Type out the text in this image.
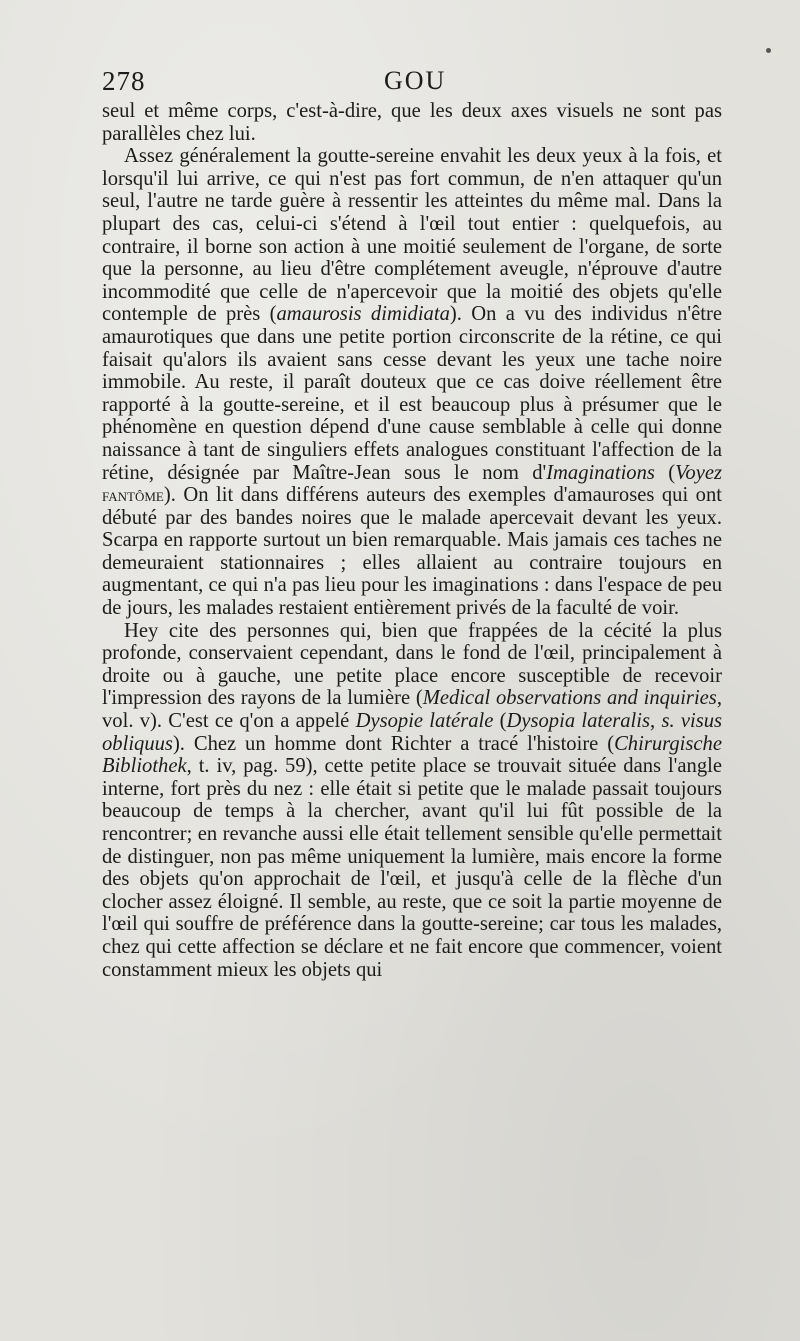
278	GOU

seul et même corps, c'est-à-dire, que les deux axes visuels ne sont pas parallèles chez lui.

Assez généralement la goutte-sereine envahit les deux yeux à la fois, et lorsqu'il lui arrive, ce qui n'est pas fort commun, de n'en attaquer qu'un seul, l'autre ne tarde guère à ressentir les atteintes du même mal. Dans la plupart des cas, celui-ci s'étend à l'œil tout entier : quelquefois, au contraire, il borne son action à une moitié seulement de l'organe, de sorte que la personne, au lieu d'être complétement aveugle, n'éprouve d'autre incommodité que celle de n'apercevoir que la moitié des objets qu'elle contemple de près (amaurosis dimidiata). On a vu des individus n'être amaurotiques que dans une petite portion circonscrite de la rétine, ce qui faisait qu'alors ils avaient sans cesse devant les yeux une tache noire immobile. Au reste, il paraît douteux que ce cas doive réellement être rapporté à la goutte-sereine, et il est beaucoup plus à présumer que le phénomène en question dépend d'une cause semblable à celle qui donne naissance à tant de singuliers effets analogues constituant l'affection de la rétine, désignée par Maître-Jean sous le nom d'Imaginations (Voyez fantôme). On lit dans différens auteurs des exemples d'amauroses qui ont débuté par des bandes noires que le malade apercevait devant les yeux. Scarpa en rapporte surtout un bien remarquable. Mais jamais ces taches ne demeuraient stationnaires ; elles allaient au contraire toujours en augmentant, ce qui n'a pas lieu pour les imaginations : dans l'espace de peu de jours, les malades restaient entièrement privés de la faculté de voir.

Hey cite des personnes qui, bien que frappées de la cécité la plus profonde, conservaient cependant, dans le fond de l'œil, principalement à droite ou à gauche, une petite place encore susceptible de recevoir l'impression des rayons de la lumière (Medical observations and inquiries, vol. v). C'est ce q'on a appelé Dysopie latérale (Dysopia lateralis, s. visus obliquus). Chez un homme dont Richter a tracé l'histoire (Chirurgische Bibliothek, t. iv, pag. 59), cette petite place se trouvait située dans l'angle interne, fort près du nez : elle était si petite que le malade passait toujours beaucoup de temps à la chercher, avant qu'il lui fût possible de la rencontrer; en revanche aussi elle était tellement sensible qu'elle permettait de distinguer, non pas même uniquement la lumière, mais encore la forme des objets qu'on approchait de l'œil, et jusqu'à celle de la flèche d'un clocher assez éloigné. Il semble, au reste, que ce soit la partie moyenne de l'œil qui souffre de préférence dans la goutte-sereine; car tous les malades, chez qui cette affection se déclare et ne fait encore que commencer, voient constamment mieux les objets qui
